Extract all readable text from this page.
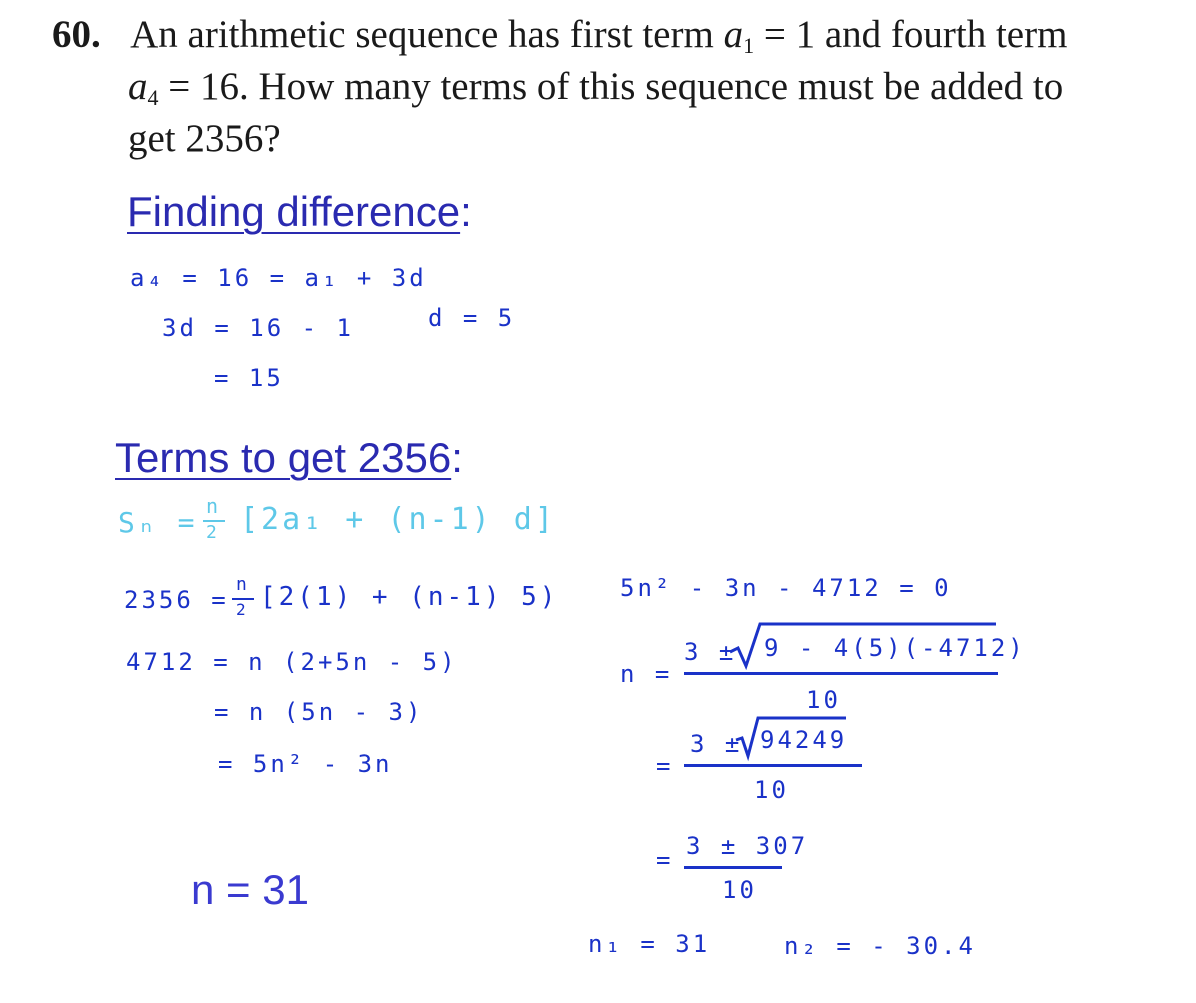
60. An arithmetic sequence has first term $a_1 = 1$ and fourth term
$a_4 = 16$. How many terms of this sequence must be added to
get 2356?
Finding difference:
a₄ = 16 = a₁ + 3d
3d = 16 - 1
= 15
d = 5
Terms to get 2356:
Sₙ = n
2 [2a₁ + (n-1) d]
2356 =
n
2 [2(1) + (n-1) 5)
4712 = n (2+5n - 5)
= n (5n - 3)
= 5n² - 3n
n = 31
5n² - 3n - 4712 = 0
n =
3 ± 9 - 4(5)(-4712)
10
=
3 ± 94249
10
= 3 ± 307
10
n₁ = 31	n₂ = - 30.4
